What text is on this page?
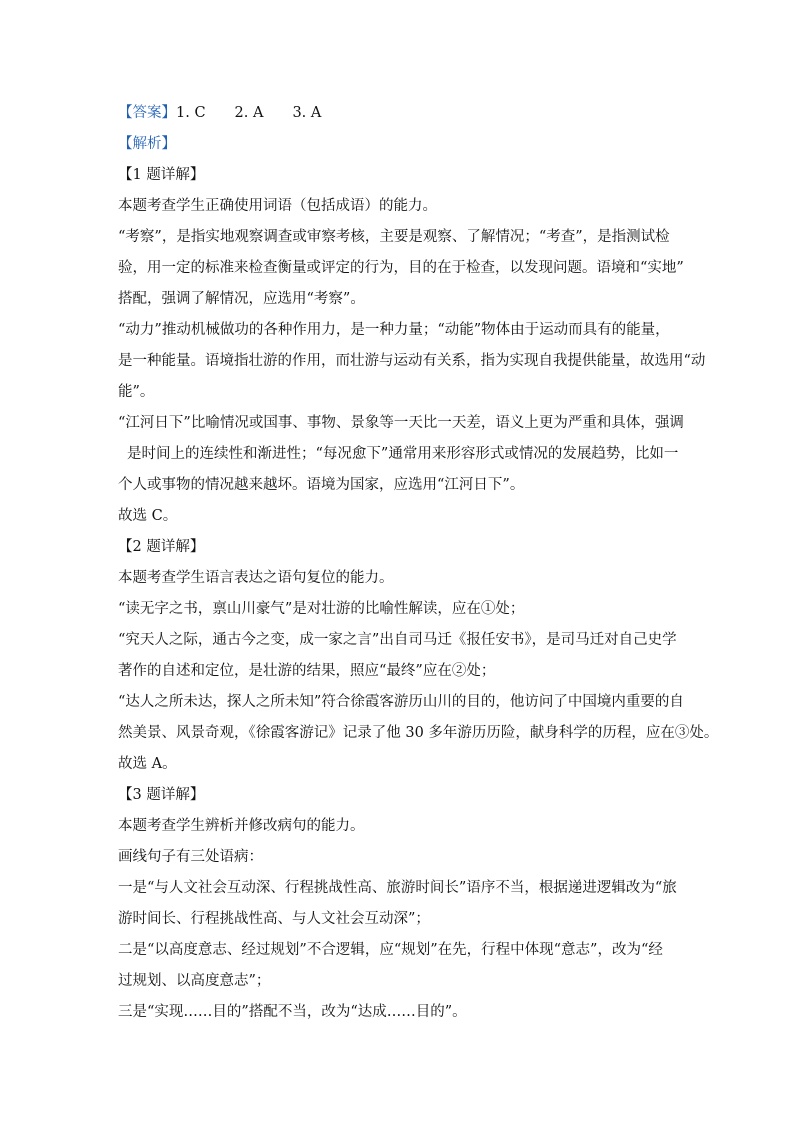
【答案】1. C　　2. A　　3. A
【解析】
【1 题详解】
本题考查学生正确使用词语（包括成语）的能力。
“考察”，是指实地观察调查或审察考核，主要是观察、了解情况；“考查”，是指测试检
验，用一定的标准来检查衡量或评定的行为，目的在于检查，以发现问题。语境和“实地”
搭配，强调了解情况，应选用“考察”。
“动力”推动机械做功的各种作用力，是一种力量；“动能”物体由于运动而具有的能量，
是一种能量。语境指壮游的作用，而壮游与运动有关系，指为实现自我提供能量，故选用“动
能”。
“江河日下”比喻情况或国事、事物、景象等一天比一天差，语义上更为严重和具体，强调
是时间上的连续性和渐进性；“每况愈下”通常用来形容形式或情况的发展趋势，比如一
个人或事物的情况越来越坏。语境为国家，应选用“江河日下”。
故选 C。
【2 题详解】
本题考查学生语言表达之语句复位的能力。
“读无字之书，禀山川豪气”是对壮游的比喻性解读，应在①处；
“究天人之际，通古今之变，成一家之言”出自司马迁《报任安书》，是司马迁对自己史学
著作的自述和定位，是壮游的结果，照应“最终”应在②处；
“达人之所未达，探人之所未知”符合徐霞客游历山川的目的，他访问了中国境内重要的自
然美景、风景奇观，《徐霞客游记》记录了他 30 多年游历历险，献身科学的历程，应在③处。
故选 A。
【3 题详解】
本题考查学生辨析并修改病句的能力。
画线句子有三处语病：
一是“与人文社会互动深、行程挑战性高、旅游时间长”语序不当，根据递进逻辑改为“旅
游时间长、行程挑战性高、与人文社会互动深”；
二是“以高度意志、经过规划”不合逻辑，应“规划”在先，行程中体现“意志”，改为“经
过规划、以高度意志”；
三是“实现……目的”搭配不当，改为“达成……目的”。
